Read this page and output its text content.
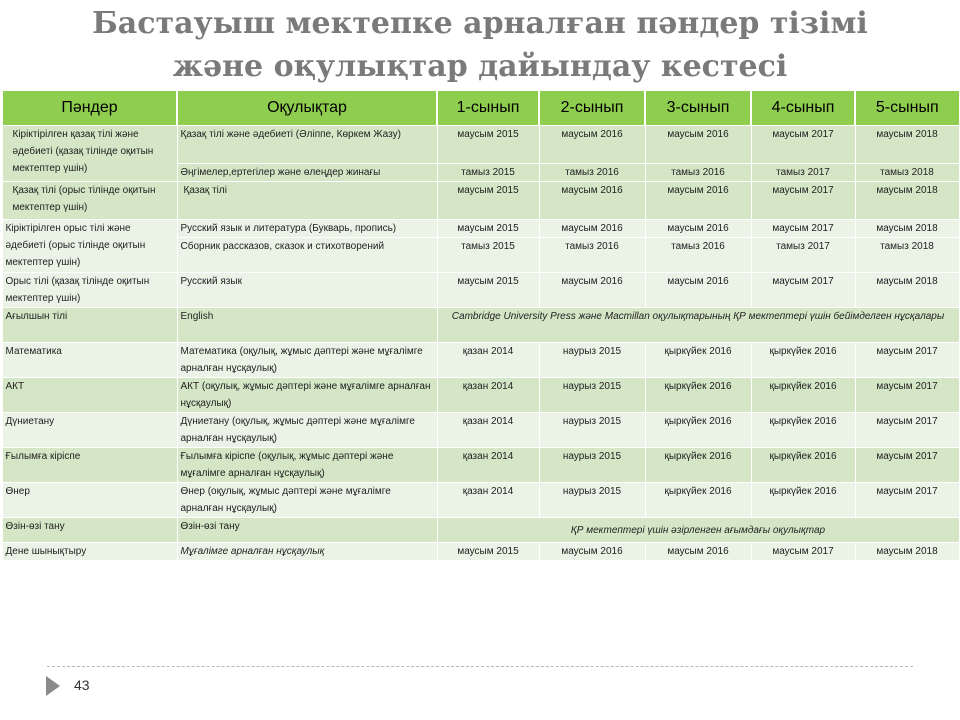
Бастауыш мектепке арналған пәндер тізімі
және оқулықтар дайындау кестесі
Пәндер	Оқулықтар	1-сынып	2-сынып	3-сынып	4-сынып	5-сынып
Кіріктірілген қазақ тілі және әдебиеті (қазақ тілінде оқитын мектептер үшін)	Қазақ тілі және әдебиеті (Әліппе, Көркем Жазу)	маусым 2015	маусым 2016	маусым 2016	маусым 2017	маусым 2018
	Әңгімелер,ертегілер және өлеңдер жинағы	тамыз 2015	тамыз 2016	тамыз 2016	тамыз 2017	тамыз 2018
Қазақ тілі (орыс тілінде оқитын мектептер үшін)	Қазақ тілі	маусым 2015	маусым 2016	маусым 2016	маусым 2017	маусым 2018
Кіріктірілген орыс тілі және әдебиеті (орыс тілінде оқитын мектептер үшін)	Русский язык и литература (Букварь, пропись)	маусым 2015	маусым 2016	маусым 2016	маусым 2017	маусым 2018
	Сборник рассказов, сказок и стихотворений	тамыз 2015	тамыз 2016	тамыз 2016	тамыз 2017	тамыз 2018
Орыс тілі (қазақ тілінде оқитын мектептер үшін)	Русский язык	маусым 2015	маусым 2016	маусым 2016	маусым 2017	маусым 2018
Ағылшын тілі	English	Cambridge University Press және Macmillan оқулықтарының ҚР мектептері үшін бейімделген нұсқалары				
Математика	Математика (оқулық, жұмыс дәптері және мұғалімге арналған нұсқаулық)	қазан 2014	наурыз 2015	қыркүйек 2016	қыркүйек 2016	маусым 2017
АКТ	АКТ (оқулық, жұмыс дәптері және мұғалімге арналған нұсқаулық)	қазан 2014	наурыз 2015	қыркүйек 2016	қыркүйек 2016	маусым 2017
Дүниетану	Дүниетану (оқулық, жұмыс дәптері және мұғалімге арналған нұсқаулық)	қазан 2014	наурыз 2015	қыркүйек 2016	қыркүйек 2016	маусым 2017
Ғылымға кіріспе	Ғылымға кіріспе (оқулық, жұмыс дәптері және мұғалімге арналған нұсқаулық)	қазан 2014	наурыз 2015	қыркүйек 2016	қыркүйек 2016	маусым 2017
Өнер	Өнер (оқулық, жұмыс дәптері және мұғалімге арналған нұсқаулық)	қазан 2014	наурыз 2015	қыркүйек 2016	қыркүйек 2016	маусым 2017
Өзін-өзі тану	Өзін-өзі тану	ҚР мектептері үшін әзірленген ағымдағы оқулықтар				
Дене шынықтыру	Мұғалімге арналған нұсқаулық	маусым 2015	маусым 2016	маусым 2016	маусым 2017	маусым 2018
43
